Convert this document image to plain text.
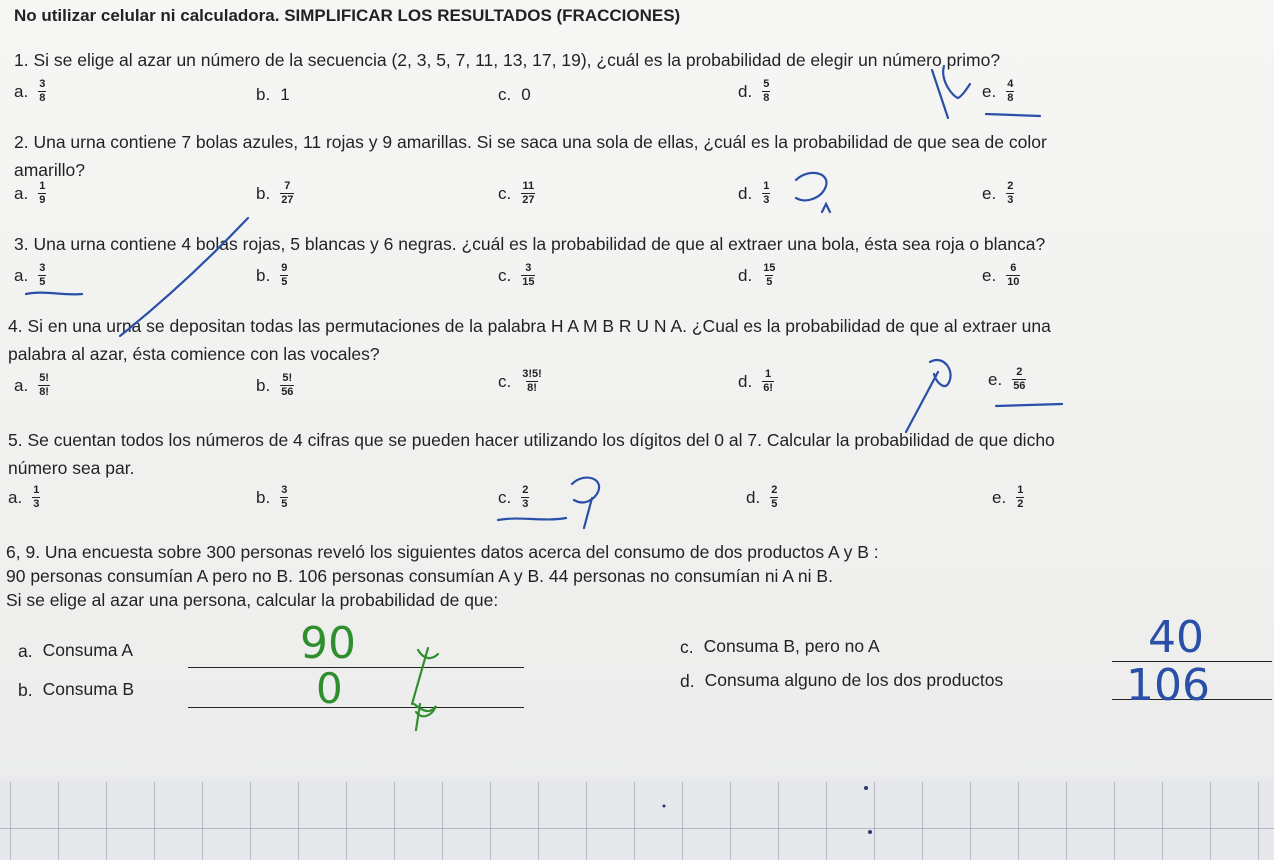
No utilizar celular ni calculadora. SIMPLIFICAR LOS RESULTADOS (FRACCIONES)
1. Si se elige al azar un número de la secuencia (2, 3, 5, 7, 11, 13, 17, 19), ¿cuál es la probabilidad de elegir un número primo?
a. $\frac{3}{8}$	b. 1	c. 0	d. $\frac{5}{8}$	e. $\frac{4}{8}$
2. Una urna contiene 7 bolas azules, 11 rojas y 9 amarillas. Si se saca una sola de ellas, ¿cuál es la probabilidad de que sea de color
amarillo?
a. $\frac{1}{9}$	b. $\frac{7}{27}$	c. $\frac{11}{27}$	d. $\frac{1}{3}$	e. $\frac{2}{3}$
3. Una urna contiene 4 bolas rojas, 5 blancas y 6 negras. ¿cuál es la probabilidad de que al extraer una bola, ésta sea roja o blanca?
a. $\frac{3}{5}$	b. $\frac{9}{5}$	c. $\frac{3}{15}$	d. $\frac{15}{5}$	e. $\frac{6}{10}$
4. Si en una urna se depositan todas las permutaciones de la palabra H A M B R U N A. ¿Cual es la probabilidad de que al extraer una
palabra al azar, ésta comience con las vocales?
a. $\frac{5!}{8!}$	b. $\frac{5!}{56}$	c. $\frac{3!5!}{8!}$	d. $\frac{1}{6!}$	e. $\frac{2}{56}$
5. Se cuentan todos los números de 4 cifras que se pueden hacer utilizando los dígitos del 0 al 7. Calcular la probabilidad de que dicho
número sea par.
a. $\frac{1}{3}$	b. $\frac{3}{5}$	c. $\frac{2}{3}$	d. $\frac{2}{5}$	e. $\frac{1}{2}$
6, 9. Una encuesta sobre 300 personas reveló los siguientes datos acerca del consumo de dos productos A y B :
90 personas consumían A pero no B. 106 personas consumían A y B. 44 personas no consumían ni A ni B.
Si se elige al azar una persona, calcular la probabilidad de que:
a. Consuma A
b. Consuma B
c. Consuma B, pero no A
d. Consuma alguno de los dos productos
90
0
40
106
